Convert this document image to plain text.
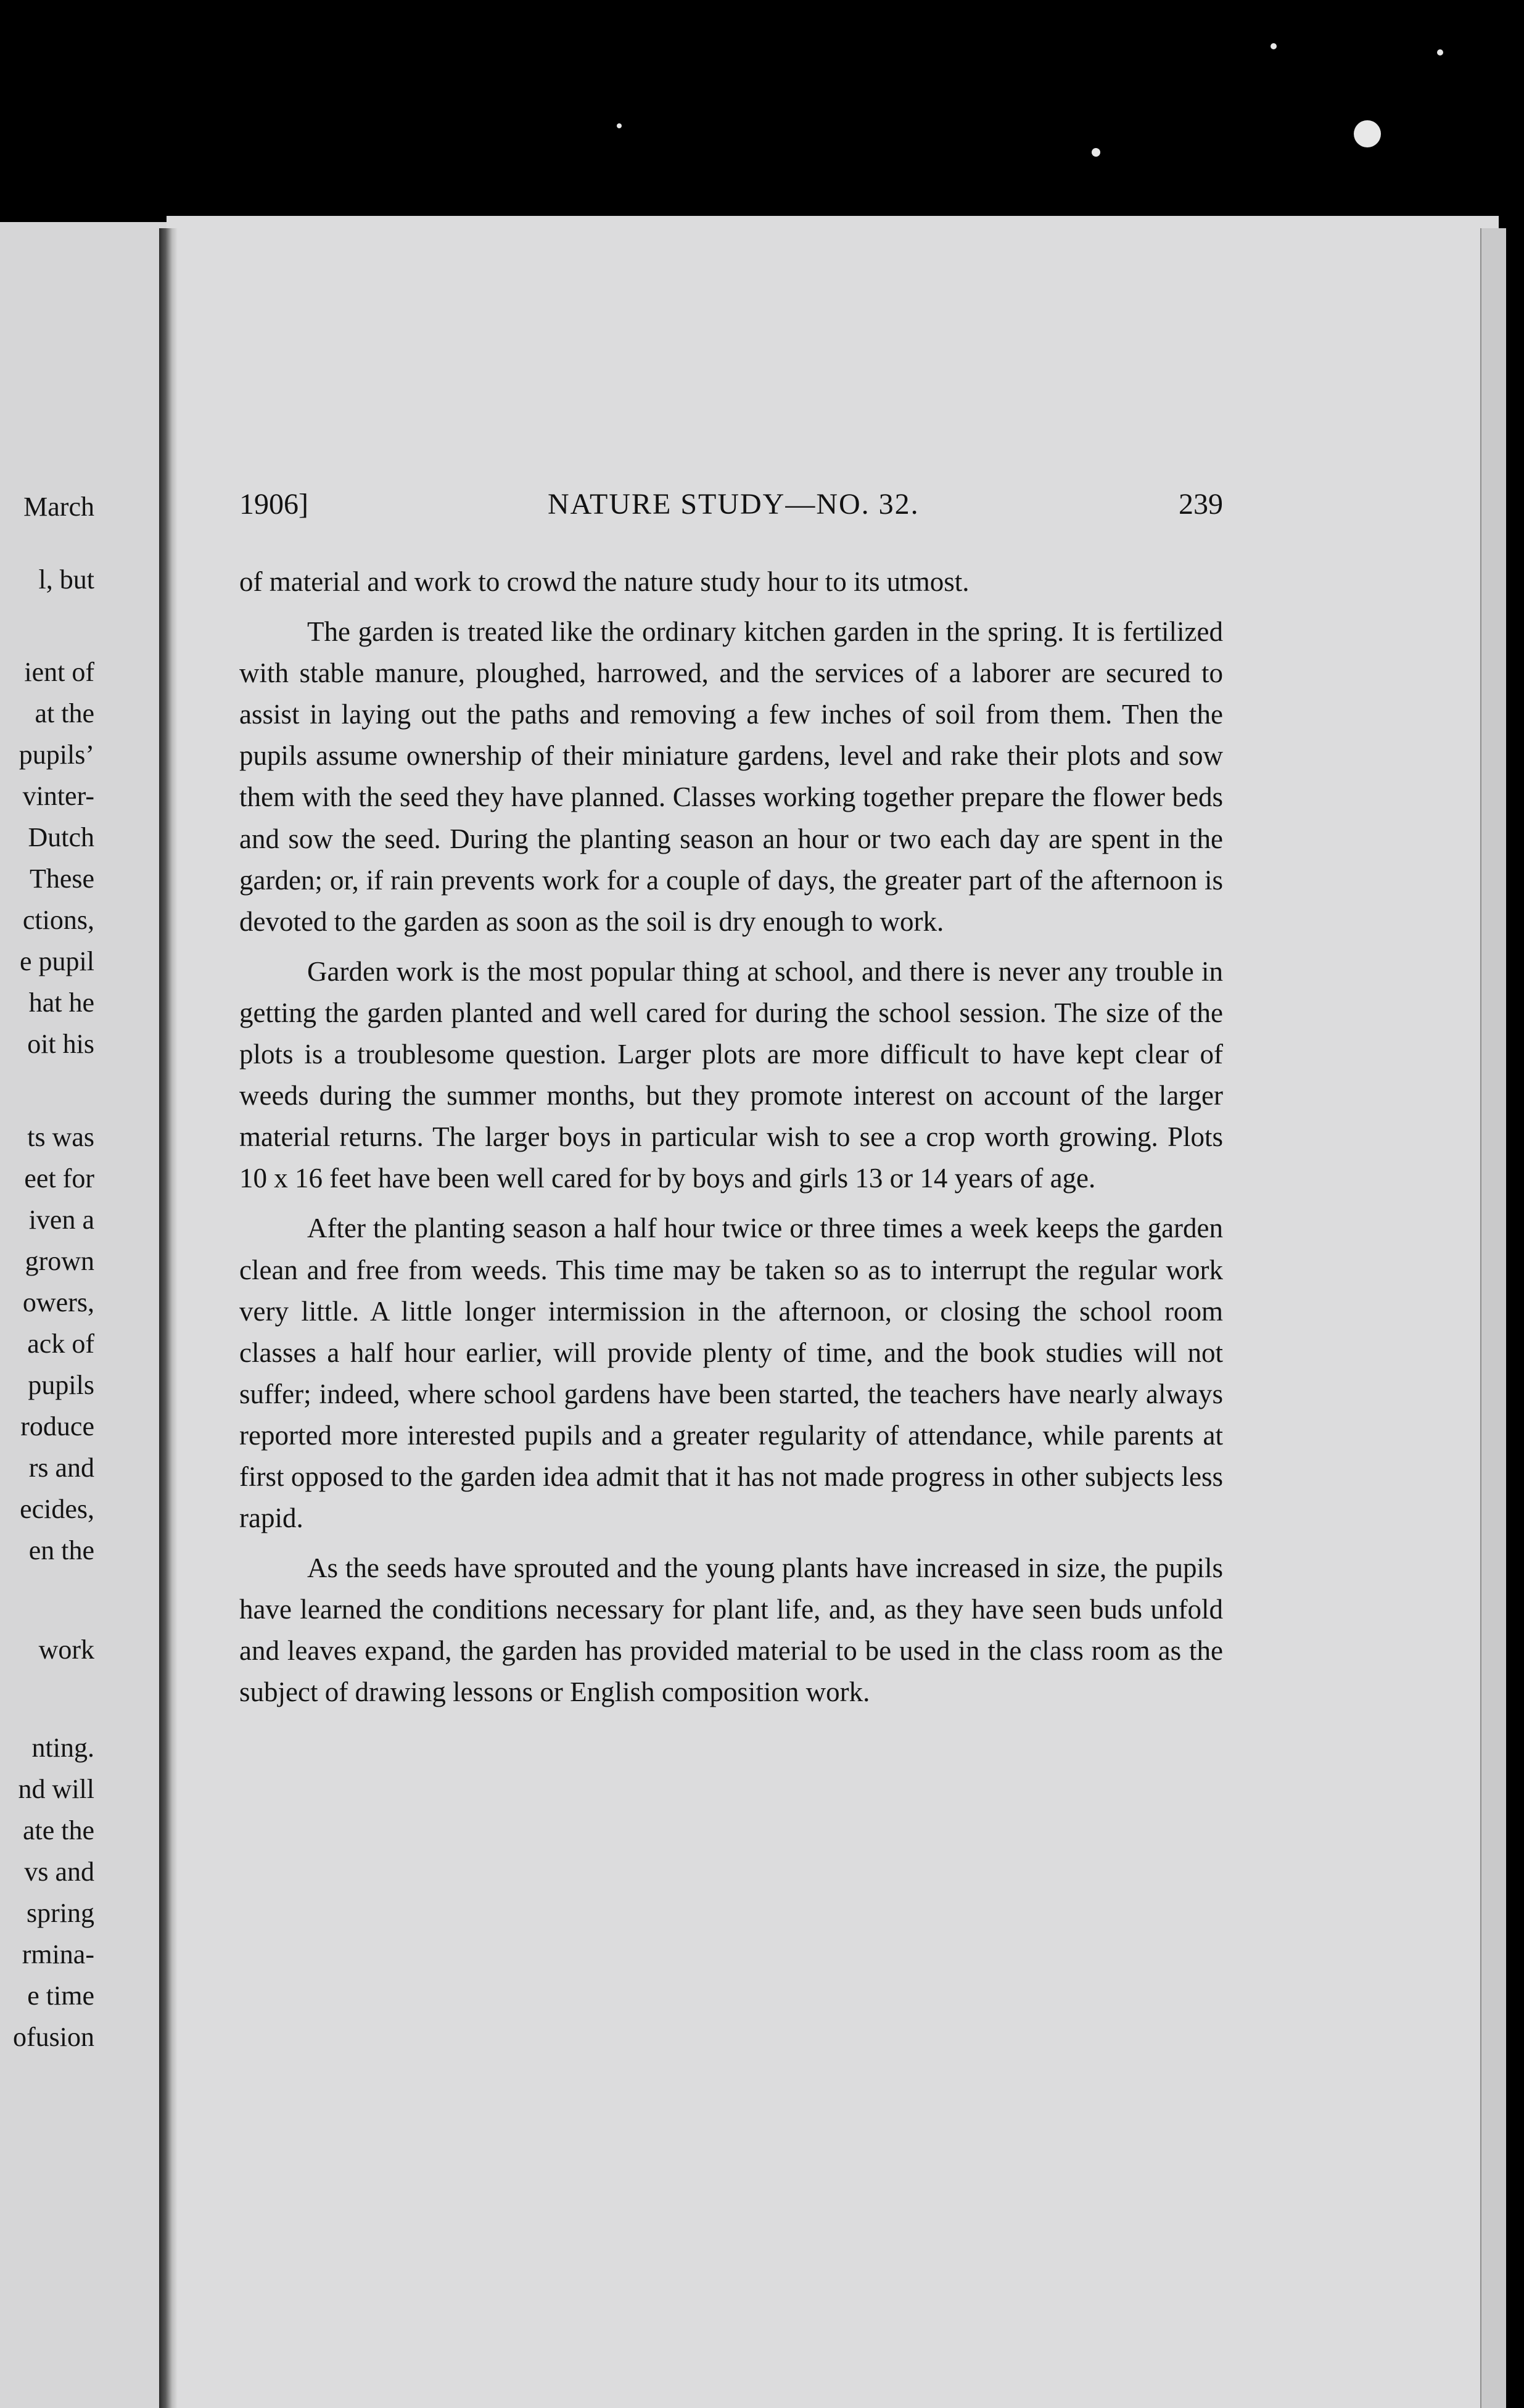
March
l, but
ient of
at the
pupils’
vinter-
Dutch
These
ctions,
e pupil
hat he
oit his
ts was
eet for
iven a
grown
owers,
ack of
pupils
roduce
rs and
ecides,
en the
work
nting.
nd will
ate the
vs and
spring
rmina-
e time
ofusion
1906]	NATURE STUDY—NO. 32.	239

of material and work to crowd the nature study hour to its utmost.

The garden is treated like the ordinary kitchen garden in the spring. It is fertilized with stable manure, ploughed, harrowed, and the services of a laborer are secured to assist in laying out the paths and removing a few inches of soil from them. Then the pupils assume ownership of their miniature gardens, level and rake their plots and sow them with the seed they have planned. Classes working together prepare the flower beds and sow the seed. During the planting season an hour or two each day are spent in the garden; or, if rain prevents work for a couple of days, the greater part of the afternoon is devoted to the garden as soon as the soil is dry enough to work.

Garden work is the most popular thing at school, and there is never any trouble in getting the garden planted and well cared for during the school session. The size of the plots is a troublesome question. Larger plots are more difficult to have kept clear of weeds during the summer months, but they promote interest on account of the larger material returns. The larger boys in particular wish to see a crop worth growing. Plots 10 x 16 feet have been well cared for by boys and girls 13 or 14 years of age.

After the planting season a half hour twice or three times a week keeps the garden clean and free from weeds. This time may be taken so as to interrupt the regular work very little. A little longer intermission in the afternoon, or closing the school room classes a half hour earlier, will provide plenty of time, and the book studies will not suffer; indeed, where school gardens have been started, the teachers have nearly always reported more interested pupils and a greater regularity of attendance, while parents at first opposed to the garden idea admit that it has not made progress in other subjects less rapid.

As the seeds have sprouted and the young plants have increased in size, the pupils have learned the conditions necessary for plant life, and, as they have seen buds unfold and leaves expand, the garden has provided material to be used in the class room as the subject of drawing lessons or English composition work.
